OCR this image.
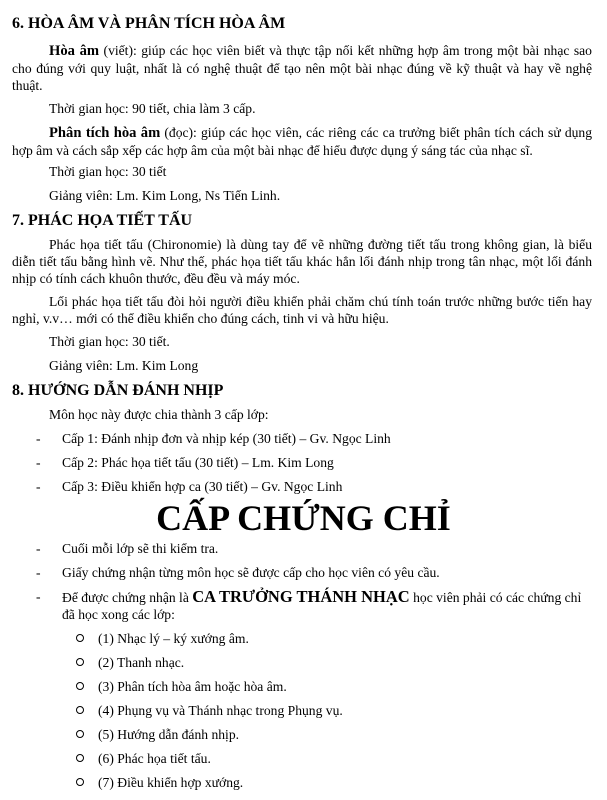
6. HÒA ÂM VÀ PHÂN TÍCH HÒA ÂM

Hòa âm (viết): giúp các học viên biết và thực tập nối kết những hợp âm trong một bài nhạc sao cho đúng với quy luật, nhất là có nghệ thuật để tạo nên một bài nhạc đúng về kỹ thuật và hay về nghệ thuật.

Thời gian học: 90 tiết, chia làm 3 cấp.

Phân tích hòa âm (đọc): giúp các học viên, các riêng các ca trưởng biết phân tích cách sử dụng hợp âm và cách sắp xếp các hợp âm của một bài nhạc để hiểu được dụng ý sáng tác của nhạc sĩ.

Thời gian học: 30 tiết
Giảng viên: Lm. Kim Long, Ns Tiến Linh.
7. PHÁC HỌA TIẾT TẤU

Phác họa tiết tấu (Chironomie) là dùng tay để vẽ những đường tiết tấu trong không gian, là biểu diễn tiết tấu bằng hình vẽ. Như thế, phác họa tiết tấu khác hẳn lối đánh nhịp trong tân nhạc, một lối đánh nhịp có tính cách khuôn thước, đều đều và máy móc.

Lối phác họa tiết tấu đòi hỏi người điều khiển phải chăm chú tính toán trước những bước tiến hay nghỉ, v.v… mới có thể điều khiển cho đúng cách, tinh vi và hữu hiệu.

Thời gian học: 30 tiết.
Giảng viên: Lm. Kim Long
8. HƯỚNG DẪN ĐÁNH NHỊP
Môn học này được chia thành 3 cấp lớp:
- Cấp 1: Đánh nhịp đơn và nhịp kép (30 tiết) – Gv. Ngọc Linh
- Cấp 2: Phác họa tiết tấu (30 tiết) – Lm. Kim Long
- Cấp 3: Điều khiển hợp ca (30 tiết) – Gv. Ngọc Linh
CẤP CHỨNG CHỈ
- Cuối mỗi lớp sẽ thi kiểm tra.
- Giấy chứng nhận từng môn học sẽ được cấp cho học viên có yêu cầu.
-	Để được chứng nhận là CA TRƯỞNG THÁNH NHẠC học viên phải có các chứng chỉ đã học xong các lớp:
(1) Nhạc lý – ký xướng âm.
(2) Thanh nhạc.
(3) Phân tích hòa âm hoặc hòa âm.
(4) Phụng vụ và Thánh nhạc trong Phụng vụ.
(5) Hướng dẫn đánh nhịp.
(6) Phác họa tiết tấu.
(7) Điều khiển hợp xướng.
